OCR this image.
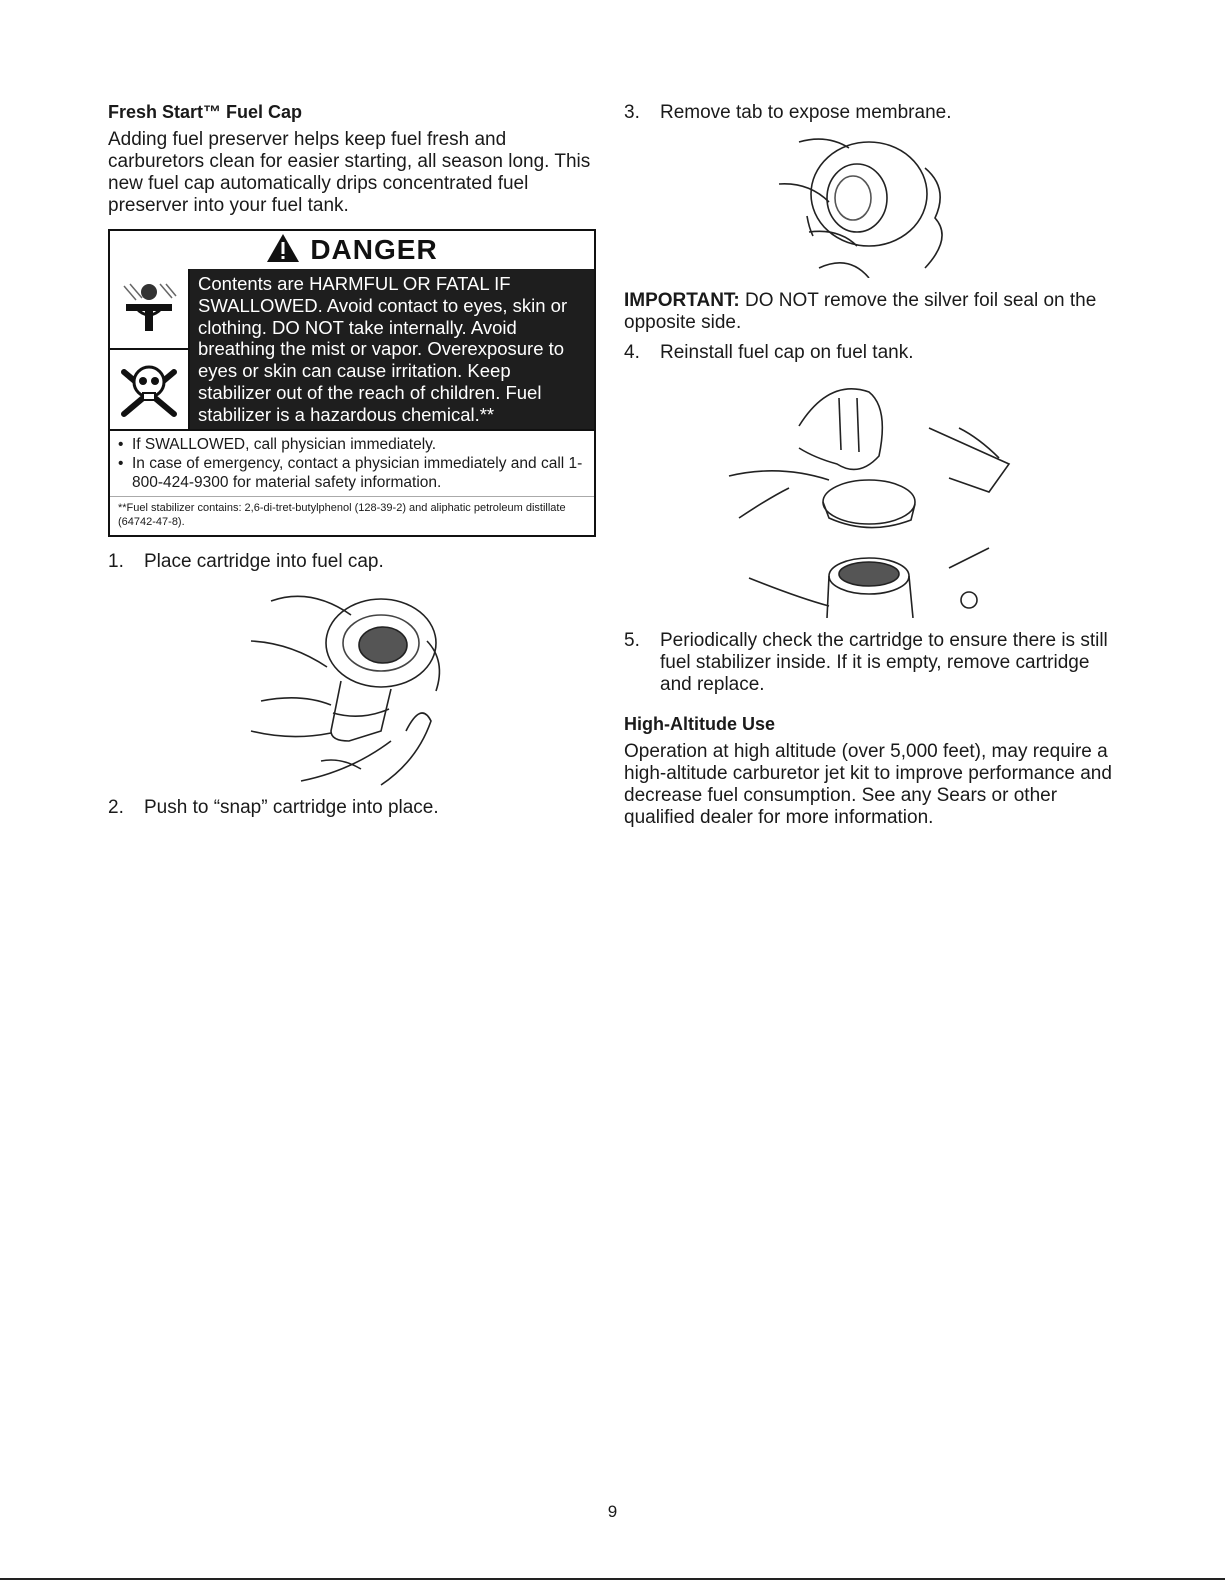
Fresh Start™ Fuel Cap

Adding fuel preserver helps keep fuel fresh and carburetors clean for easier starting, all season long. This new fuel cap automatically drips concentrated fuel preserver into your fuel tank.

DANGER
Contents are HARMFUL OR FATAL IF SWALLOWED. Avoid contact to eyes, skin or clothing. DO NOT take internally. Avoid breathing the mist or vapor. Overexposure to eyes or skin can cause irritation. Keep stabilizer out of the reach of children. Fuel stabilizer is a hazardous chemical.**
• If SWALLOWED, call physician immediately.
• In case of emergency, contact a physician immediately and call 1-800-424-9300 for material safety information.
**Fuel stabilizer contains: 2,6-di-tret-butylphenol (128-39-2) and aliphatic petroleum distillate (64742-47-8).
1.	Place cartridge into fuel cap.
2.	Push to “snap” cartridge into place.
3.	Remove tab to expose membrane.

IMPORTANT: DO NOT remove the silver foil seal on the opposite side.

4.	Reinstall fuel cap on fuel tank.
5.	Periodically check the cartridge to ensure there is still fuel stabilizer inside. If it is empty, remove cartridge and replace.
High-Altitude Use

Operation at high altitude (over 5,000 feet), may require a high-altitude carburetor jet kit to improve performance and decrease fuel consumption. See any Sears or other qualified dealer for more information.

9
